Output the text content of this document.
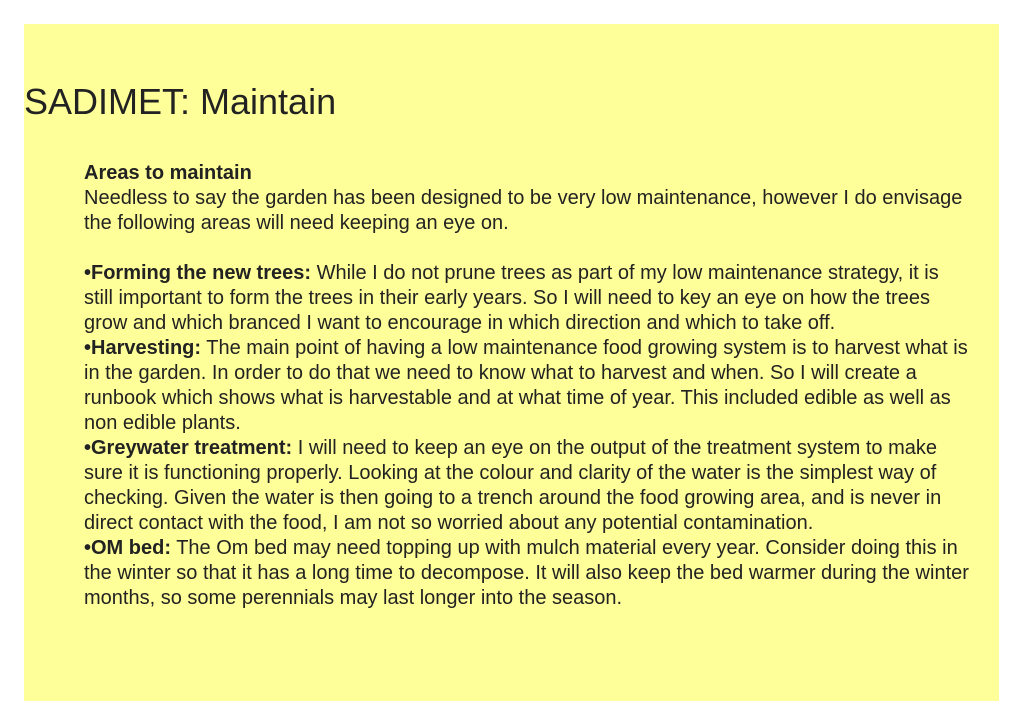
SADIMET: Maintain

Areas to maintain

Needless to say the garden has been designed to be very low maintenance, however I do envisage the following areas will need keeping an eye on.

•Forming the new trees: While I do not prune trees as part of my low maintenance strategy, it is still important to form the trees in their early years. So I will need to key an eye on how the trees grow and which branced I want to encourage in which direction and which to take off.

•Harvesting: The main point of having a low maintenance food growing system is to harvest what is in the garden. In order to do that we need to know what to harvest and when. So I will create a runbook which shows what is harvestable and at what time of year. This included edible as well as non edible plants.

•Greywater treatment: I will need to keep an eye on the output of the treatment system to make sure it is functioning properly. Looking at the colour and clarity of the water is the simplest way of checking. Given the water is then going to a trench around the food growing area, and is never in direct contact with the food, I am not so worried about any potential contamination.

•OM bed: The Om bed may need topping up with mulch material every year. Consider doing this in the winter so that it has a long time to decompose. It will also keep the bed warmer during the winter months, so some perennials may last longer into the season.
